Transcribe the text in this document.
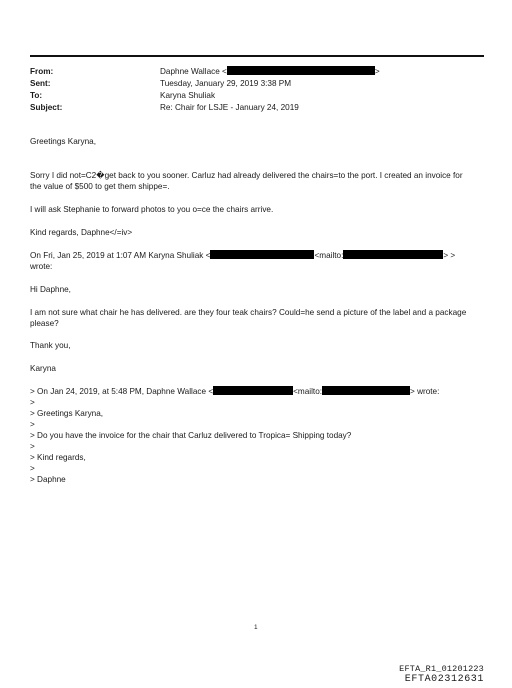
From:	Daphne Wallace <	>
Sent:	Tuesday, January 29, 2019 3:38 PM
To:	Karyna Shuliak
Subject:	Re: Chair for LSJE - January 24, 2019
Greetings Karyna,
Sorry I did not=C2�get back to you sooner. Carluz had already delivered the chairs=to the port. I created an invoice for
the value of $500 to get them shippe=.
I will ask Stephanie to forward photos to you o=ce the chairs arrive.
Kind regards, Daphne</=iv>
On Fri, Jan 25, 2019 at 1:07 AM Karyna Shuliak <	<mailto:	> >
wrote:
Hi Daphne,
I am not sure what chair he has delivered. are they four teak chairs? Could=he send a picture of the label and a package
please?
Thank you,
Karyna
> On Jan 24, 2019, at 5:48 PM, Daphne Wallace <	<mailto:	> wrote:
>
> Greetings Karyna,
>
> Do you have the invoice for the chair that Carluz delivered to Tropica= Shipping today?
>
> Kind regards,
>
> Daphne
1
EFTA_R1_01201223
EFTA02312631
